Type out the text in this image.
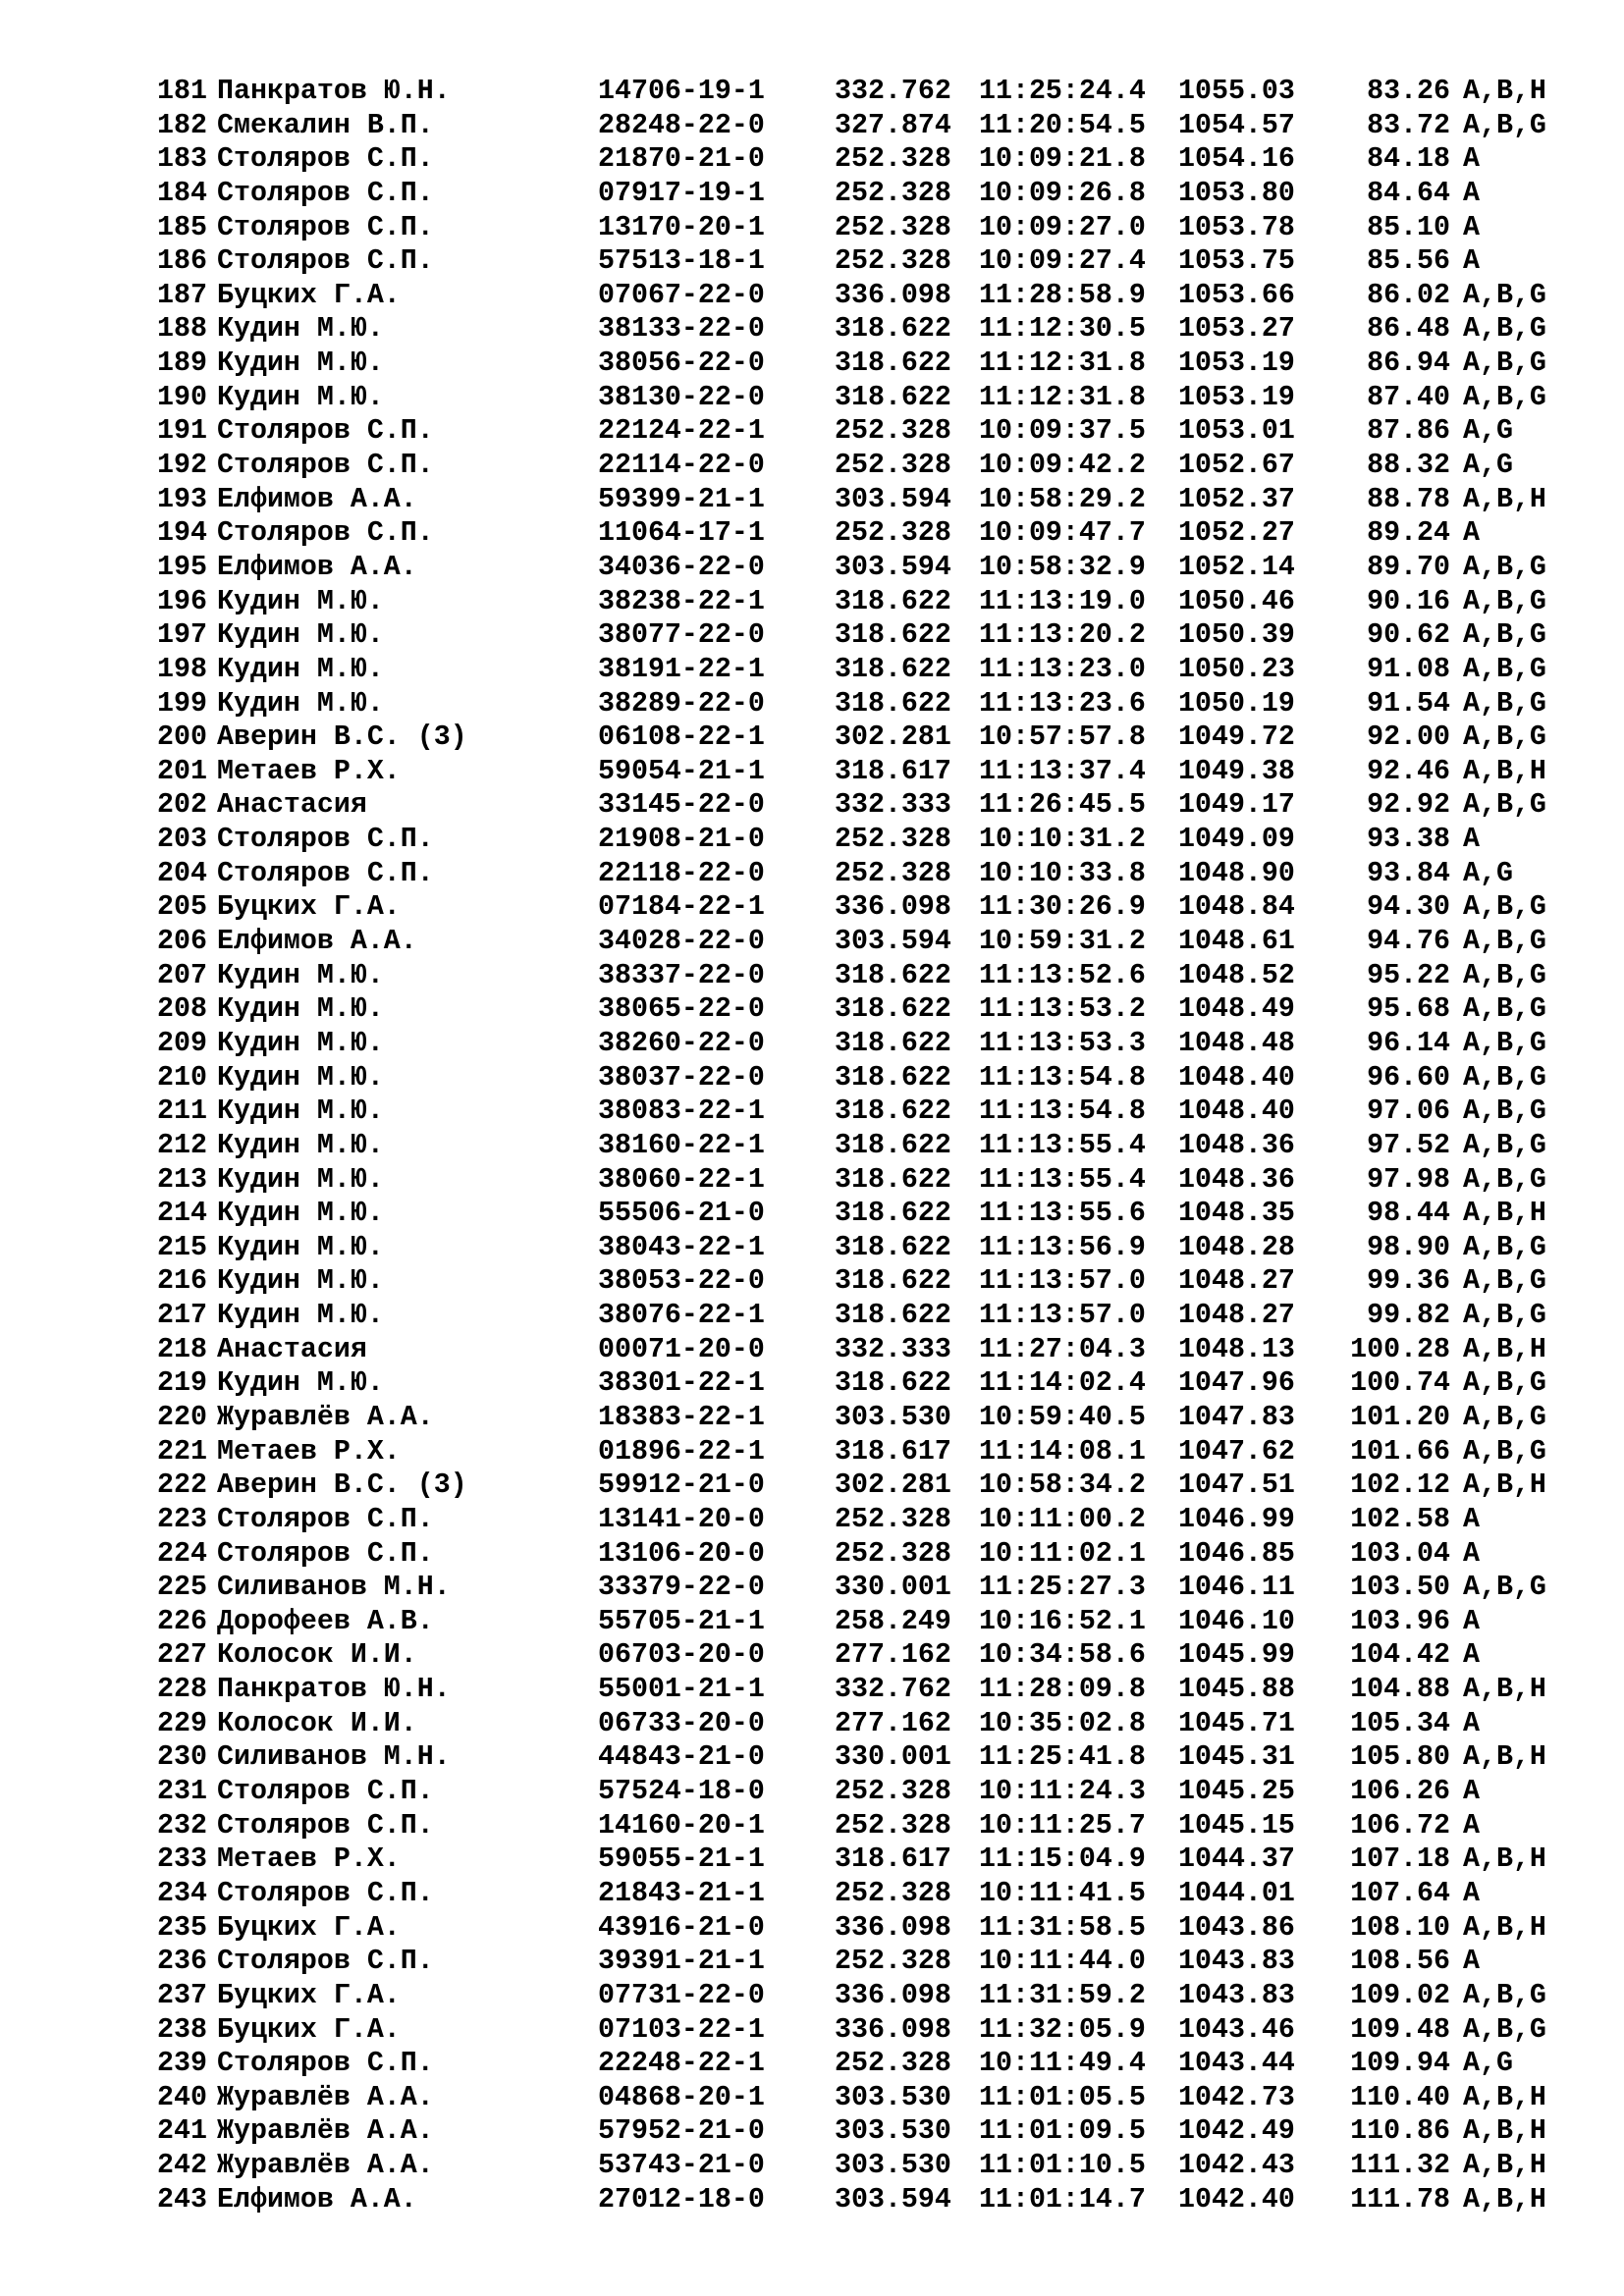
181 Панкратов Ю.Н.	14706-19-1	332.762 11:25:24.4 1055.03	83.26 A,B,H
182 Смекалин В.П.	28248-22-0	327.874 11:20:54.5 1054.57	83.72 A,B,G
183 Столяров С.П.	21870-21-0	252.328 10:09:21.8 1054.16	84.18 A
184 Столяров С.П.	07917-19-1	252.328 10:09:26.8 1053.80	84.64 A
185 Столяров С.П.	13170-20-1	252.328 10:09:27.0 1053.78	85.10 A
186 Столяров С.П.	57513-18-1	252.328 10:09:27.4 1053.75	85.56 A
187 Буцких Г.А.	07067-22-0	336.098 11:28:58.9 1053.66	86.02 A,B,G
188 Кудин М.Ю.	38133-22-0	318.622 11:12:30.5 1053.27	86.48 A,B,G
189 Кудин М.Ю.	38056-22-0	318.622 11:12:31.8 1053.19	86.94 A,B,G
190 Кудин М.Ю.	38130-22-0	318.622 11:12:31.8 1053.19	87.40 A,B,G
191 Столяров С.П.	22124-22-1	252.328 10:09:37.5 1053.01	87.86 A,G
192 Столяров С.П.	22114-22-0	252.328 10:09:42.2 1052.67	88.32 A,G
193 Елфимов А.А.	59399-21-1	303.594 10:58:29.2 1052.37	88.78 A,B,H
194 Столяров С.П.	11064-17-1	252.328 10:09:47.7 1052.27	89.24 A
195 Елфимов А.А.	34036-22-0	303.594 10:58:32.9 1052.14	89.70 A,B,G
196 Кудин М.Ю.	38238-22-1	318.622 11:13:19.0 1050.46	90.16 A,B,G
197 Кудин М.Ю.	38077-22-0	318.622 11:13:20.2 1050.39	90.62 A,B,G
198 Кудин М.Ю.	38191-22-1	318.622 11:13:23.0 1050.23	91.08 A,B,G
199 Кудин М.Ю.	38289-22-0	318.622 11:13:23.6 1050.19	91.54 A,B,G
200 Аверин В.С. (3)	06108-22-1	302.281 10:57:57.8 1049.72	92.00 A,B,G
201 Метаев Р.Х.	59054-21-1	318.617 11:13:37.4 1049.38	92.46 A,B,H
202 Анастасия	33145-22-0	332.333 11:26:45.5 1049.17	92.92 A,B,G
203 Столяров С.П.	21908-21-0	252.328 10:10:31.2 1049.09	93.38 A
204 Столяров С.П.	22118-22-0	252.328 10:10:33.8 1048.90	93.84 A,G
205 Буцких Г.А.	07184-22-1	336.098 11:30:26.9 1048.84	94.30 A,B,G
206 Елфимов А.А.	34028-22-0	303.594 10:59:31.2 1048.61	94.76 A,B,G
207 Кудин М.Ю.	38337-22-0	318.622 11:13:52.6 1048.52	95.22 A,B,G
208 Кудин М.Ю.	38065-22-0	318.622 11:13:53.2 1048.49	95.68 A,B,G
209 Кудин М.Ю.	38260-22-0	318.622 11:13:53.3 1048.48	96.14 A,B,G
210 Кудин М.Ю.	38037-22-0	318.622 11:13:54.8 1048.40	96.60 A,B,G
211 Кудин М.Ю.	38083-22-1	318.622 11:13:54.8 1048.40	97.06 A,B,G
212 Кудин М.Ю.	38160-22-1	318.622 11:13:55.4 1048.36	97.52 A,B,G
213 Кудин М.Ю.	38060-22-1	318.622 11:13:55.4 1048.36	97.98 A,B,G
214 Кудин М.Ю.	55506-21-0	318.622 11:13:55.6 1048.35	98.44 A,B,H
215 Кудин М.Ю.	38043-22-1	318.622 11:13:56.9 1048.28	98.90 A,B,G
216 Кудин М.Ю.	38053-22-0	318.622 11:13:57.0 1048.27	99.36 A,B,G
217 Кудин М.Ю.	38076-22-1	318.622 11:13:57.0 1048.27	99.82 A,B,G
218 Анастасия	00071-20-0	332.333 11:27:04.3 1048.13	100.28 A,B,H
219 Кудин М.Ю.	38301-22-1	318.622 11:14:02.4 1047.96	100.74 A,B,G
220 Журавлёв А.А.	18383-22-1	303.530 10:59:40.5 1047.83	101.20 A,B,G
221 Метаев Р.Х.	01896-22-1	318.617 11:14:08.1 1047.62	101.66 A,B,G
222 Аверин В.С. (3)	59912-21-0	302.281 10:58:34.2 1047.51	102.12 A,B,H
223 Столяров С.П.	13141-20-0	252.328 10:11:00.2 1046.99	102.58 A
224 Столяров С.П.	13106-20-0	252.328 10:11:02.1 1046.85	103.04 A
225 Силиванов М.Н.	33379-22-0	330.001 11:25:27.3 1046.11	103.50 A,B,G
226 Дорофеев А.В.	55705-21-1	258.249 10:16:52.1 1046.10	103.96 A
227 Колосок И.И.	06703-20-0	277.162 10:34:58.6 1045.99	104.42 A
228 Панкратов Ю.Н.	55001-21-1	332.762 11:28:09.8 1045.88	104.88 A,B,H
229 Колосок И.И.	06733-20-0	277.162 10:35:02.8 1045.71	105.34 A
230 Силиванов М.Н.	44843-21-0	330.001 11:25:41.8 1045.31	105.80 A,B,H
231 Столяров С.П.	57524-18-0	252.328 10:11:24.3 1045.25	106.26 A
232 Столяров С.П.	14160-20-1	252.328 10:11:25.7 1045.15	106.72 A
233 Метаев Р.Х.	59055-21-1	318.617 11:15:04.9 1044.37	107.18 A,B,H
234 Столяров С.П.	21843-21-1	252.328 10:11:41.5 1044.01	107.64 A
235 Буцких Г.А.	43916-21-0	336.098 11:31:58.5 1043.86	108.10 A,B,H
236 Столяров С.П.	39391-21-1	252.328 10:11:44.0 1043.83	108.56 A
237 Буцких Г.А.	07731-22-0	336.098 11:31:59.2 1043.83	109.02 A,B,G
238 Буцких Г.А.	07103-22-1	336.098 11:32:05.9 1043.46	109.48 A,B,G
239 Столяров С.П.	22248-22-1	252.328 10:11:49.4 1043.44	109.94 A,G
240 Журавлёв А.А.	04868-20-1	303.530 11:01:05.5 1042.73	110.40 A,B,H
241 Журавлёв А.А.	57952-21-0	303.530 11:01:09.5 1042.49	110.86 A,B,H
242 Журавлёв А.А.	53743-21-0	303.530 11:01:10.5 1042.43	111.32 A,B,H
243 Елфимов А.А.	27012-18-0	303.594 11:01:14.7 1042.40	111.78 A,B,H
